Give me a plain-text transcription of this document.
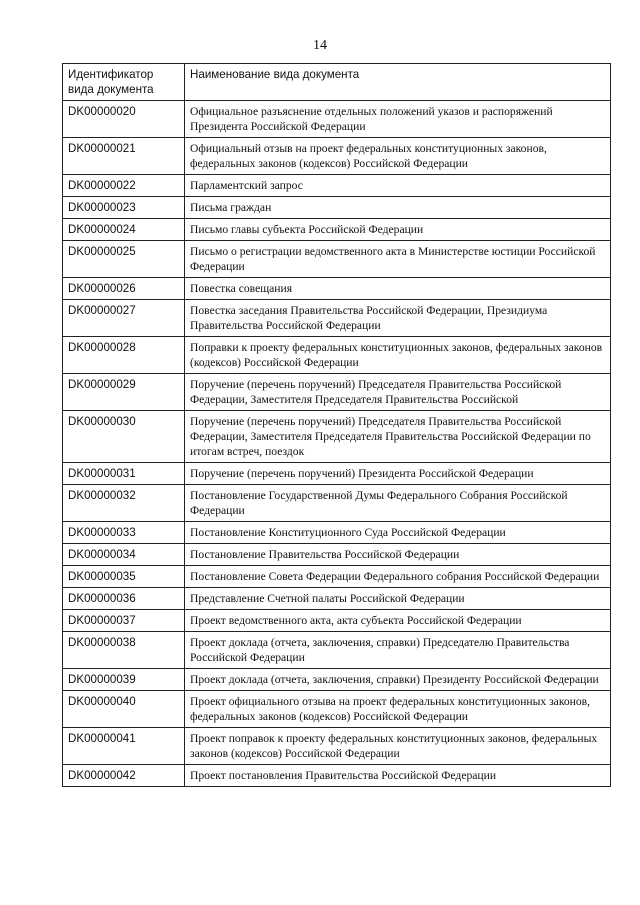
14
Идентификатор вида документа	Наименование вида документа
DK00000020	Официальное разъяснение отдельных положений указов и распоряжений Президента Российской Федерации
DK00000021	Официальный отзыв на проект федеральных конституционных законов, федеральных законов (кодексов) Российской Федерации
DK00000022	Парламентский запрос
DK00000023	Письма граждан
DK00000024	Письмо главы субъекта Российской Федерации
DK00000025	Письмо о регистрации ведомственного акта в Министерстве юстиции Российской Федерации
DK00000026	Повестка совещания
DK00000027	Повестка заседания Правительства Российской Федерации, Президиума Правительства Российской Федерации
DK00000028	Поправки к проекту федеральных конституционных законов, федеральных законов (кодексов) Российской Федерации
DK00000029	Поручение (перечень поручений) Председателя Правительства Российской Федерации, Заместителя Председателя Правительства Российской
DK00000030	Поручение (перечень поручений) Председателя Правительства Российской Федерации, Заместителя Председателя Правительства Российской Федерации по итогам встреч, поездок
DK00000031	Поручение (перечень поручений) Президента Российской Федерации
DK00000032	Постановление Государственной Думы Федерального Собрания Российской Федерации
DK00000033	Постановление Конституционного Суда Российской Федерации
DK00000034	Постановление Правительства Российской Федерации
DK00000035	Постановление Совета Федерации Федерального собрания Российской Федерации
DK00000036	Представление Счетной палаты Российской Федерации
DK00000037	Проект ведомственного акта, акта субъекта Российской Федерации
DK00000038	Проект доклада (отчета, заключения, справки) Председателю Правительства Российской Федерации
DK00000039	Проект доклада (отчета, заключения, справки) Президенту Российской Федерации
DK00000040	Проект официального отзыва на проект федеральных конституционных законов, федеральных законов (кодексов) Российской Федерации
DK00000041	Проект поправок к проекту федеральных конституционных законов, федеральных законов (кодексов) Российской Федерации
DK00000042	Проект постановления Правительства Российской Федерации
